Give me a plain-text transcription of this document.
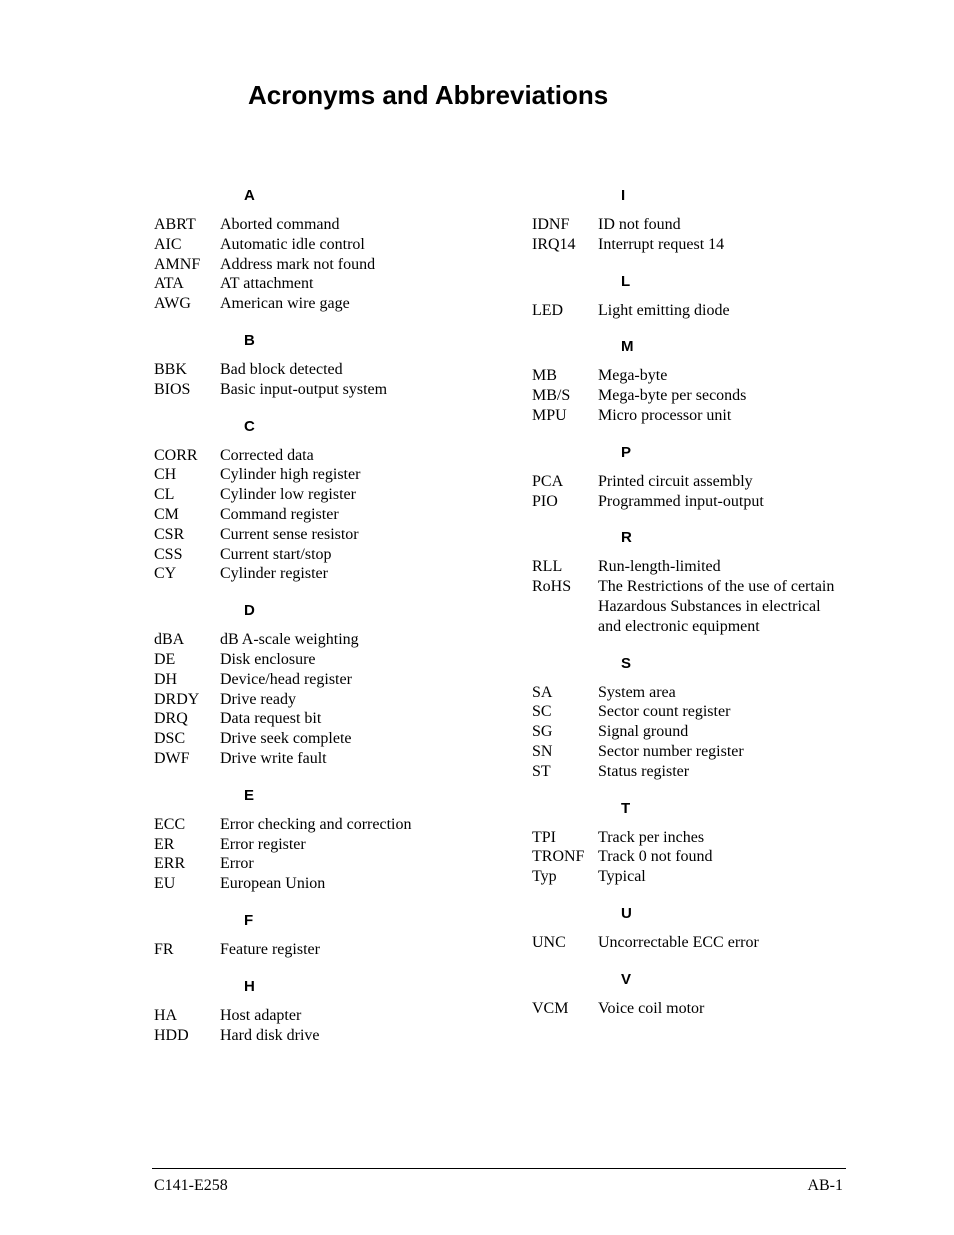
Acronyms and Abbreviations
A
ABRT	Aborted command
AIC	Automatic idle control
AMNF	Address mark not found
ATA	AT attachment
AWG	American wire gage
B
BBK	Bad block detected
BIOS	Basic input-output system
C
CORR	Corrected data
CH	Cylinder high register
CL	Cylinder low register
CM	Command register
CSR	Current sense resistor
CSS	Current start/stop
CY	Cylinder register
D
dBA	dB A-scale weighting
DE	Disk enclosure
DH	Device/head register
DRDY	Drive ready
DRQ	Data request bit
DSC	Drive seek complete
DWF	Drive write fault
E
ECC	Error checking and correction
ER	Error register
ERR	Error
EU	European Union
F
FR	Feature register
H
HA	Host adapter
HDD	Hard disk drive
I
IDNF	ID not found
IRQ14	Interrupt request 14
L
LED	Light emitting diode
M
MB	Mega-byte
MB/S	Mega-byte per seconds
MPU	Micro processor unit
P
PCA	Printed circuit assembly
PIO	Programmed input-output
R
RLL	Run-length-limited
RoHS	The Restrictions of the use of certain Hazardous Substances in electrical and electronic equipment
S
SA	System area
SC	Sector count register
SG	Signal ground
SN	Sector number register
ST	Status register
T
TPI	Track per inches
TRONF Track 0 not found
Typ	Typical
U
UNC	Uncorrectable ECC error
V
VCM	Voice coil motor
C141-E258	AB-1
